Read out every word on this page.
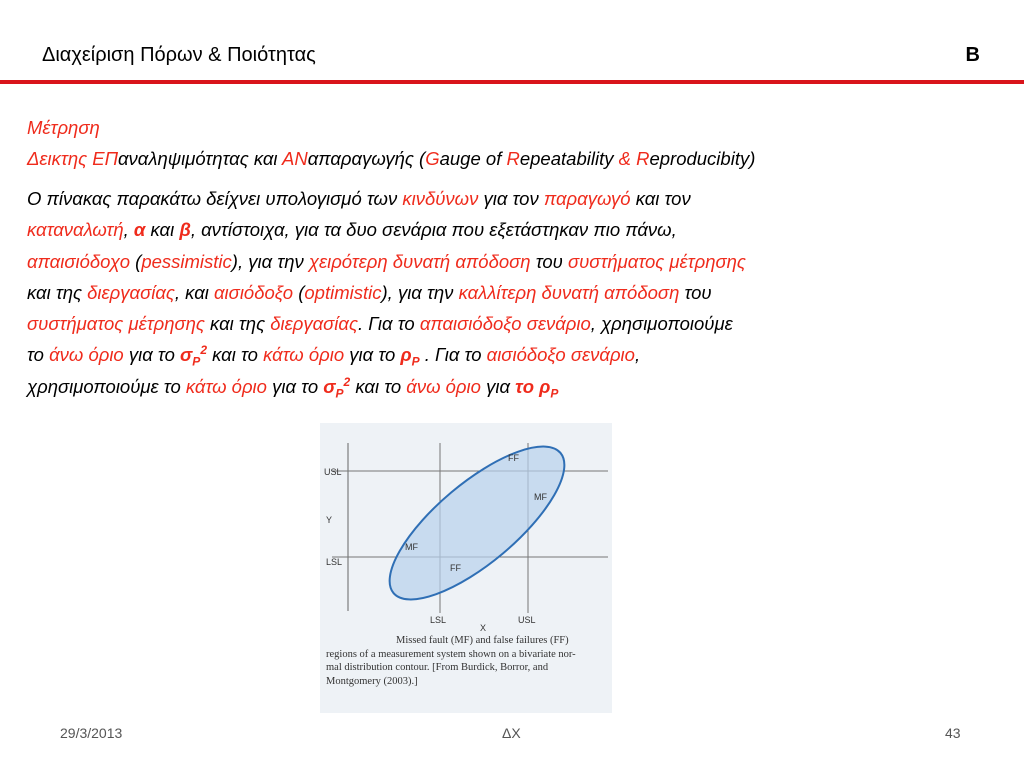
Διαχείριση Πόρων & Ποιότητας	B
Μέτρηση
Δεικτης ΕΠαναληψιμότητας και ΑΝαπαραγωγής (Gauge of Repeatability & Reproducibity)
Ο πίνακας παρακάτω δείχνει υπολογισμό των κινδύνων για τον παραγωγό και τον
καταναλωτή, α και β, αντίστοιχα, για τα δυο σενάρια που εξετάστηκαν πιο πάνω,
απαισιόδοχο (pessimistic), για την χειρότερη δυνατή απόδοση του συστήματος μέτρησης
και της διεργασίας, και αισιόδοξο (optimistic), για την καλλίτερη δυνατή απόδοση του
συστήματος μέτρησης και της διεργασίας. Για το απαισιόδοξο σενάριο, χρησιμοποιούμε
το άνω όριο για το $\sigma_P^2$ και το κάτω όριο για το $\rho_P$ . Για το αισιόδοξο σενάριο,
χρησιμοποιούμε το κάτω όριο για το $\sigma_P^2$ και το άνω όριο για το $\rho_P$
USL
Y
LSL
LSL	USL
X
FF
MF
MF
FF
Missed fault (MF) and false failures (FF)
regions of a measurement system shown on a bivariate nor-
mal distribution contour. [From Burdick, Borror, and
Montgomery (2003).]
29/3/2013	ΔΧ	43
